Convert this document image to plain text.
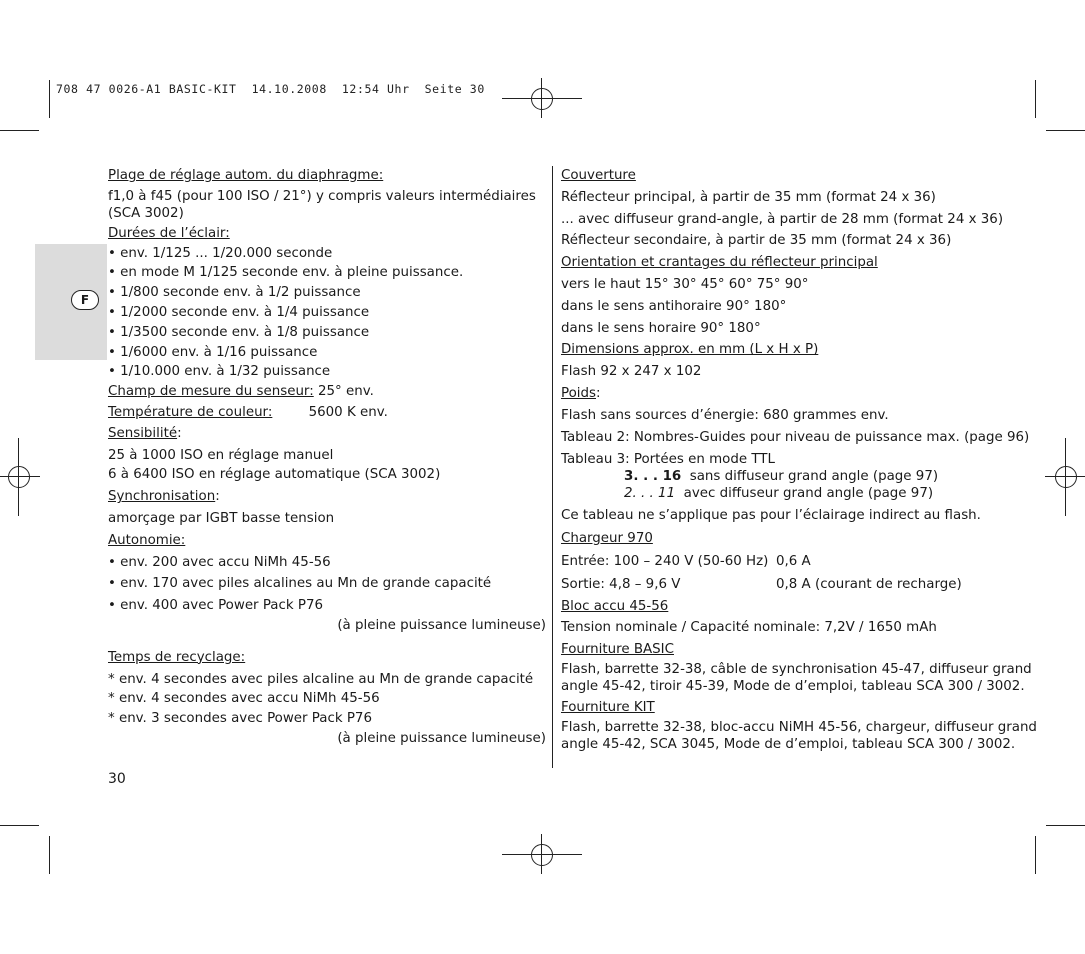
708 47 0026-A1 BASIC-KIT  14.10.2008  12:54 Uhr  Seite 30
F
Plage de réglage autom. du diaphragme:
f1,0 à f45 (pour 100 ISO / 21°) y compris valeurs intermédiaires
(SCA 3002)
Durées de l’éclair:
• env. 1/125 ... 1/20.000 seconde
• en mode M 1/125 seconde env. à pleine puissance.
• 1/800 seconde env. à 1/2 puissance
• 1/2000 seconde env. à 1/4 puissance
• 1/3500 seconde env. à 1/8 puissance
• 1/6000 env. à 1/16 puissance
• 1/10.000 env. à 1/32 puissance
Champ de mesure du senseur: 25° env.
Température de couleur:	5600 K env.
Sensibilité:
25 à 1000 ISO en réglage manuel
6 à 6400 ISO en réglage automatique (SCA 3002)
Synchronisation:
amorçage par IGBT basse tension
Autonomie:
• env. 200 avec accu NiMh 45-56
• env. 170 avec piles alcalines au Mn de grande capacité
• env. 400 avec Power Pack P76
(à pleine puissance lumineuse)
Temps de recyclage:
* env. 4 secondes avec piles alcaline au Mn de grande capacité
* env. 4 secondes avec accu NiMh 45-56
* env. 3 secondes avec Power Pack P76
(à pleine puissance lumineuse)
Couverture
Réflecteur principal, à partir de 35 mm (format 24 x 36)
... avec diffuseur grand-angle, à partir de 28 mm (format 24 x 36)
Réflecteur secondaire, à partir de 35 mm (format 24 x 36)
Orientation et crantages du réflecteur principal
vers le haut 15° 30° 45° 60° 75° 90°
dans le sens antihoraire 90° 180°
dans le sens horaire 90° 180°
Dimensions approx. en mm (L x H x P)
Flash 92 x 247 x 102
Poids:
Flash sans sources d’énergie: 680 grammes env.
Tableau 2: Nombres-Guides pour niveau de puissance max. (page 96)
Tableau 3: Portées en mode TTL
3. . . 16 sans diffuseur grand angle (page 97)
2. . . 11 avec diffuseur grand angle (page 97)
Ce tableau ne s’applique pas pour l’éclairage indirect au flash.
Chargeur 970
Entrée: 100 – 240 V (50-60 Hz) 0,6 A
Sortie: 4,8 – 9,6 V	0,8 A (courant de recharge)
Bloc accu 45-56
Tension nominale / Capacité nominale: 7,2V / 1650 mAh
Fourniture BASIC
Flash, barrette 32-38, câble de synchronisation 45-47, diffuseur grand
angle 45-42, tiroir 45-39, Mode de d’emploi, tableau SCA 300 / 3002.
Fourniture KIT
Flash, barrette 32-38, bloc-accu NiMH 45-56, chargeur, diffuseur grand
angle 45-42, SCA 3045, Mode de d’emploi, tableau SCA 300 / 3002.
30
